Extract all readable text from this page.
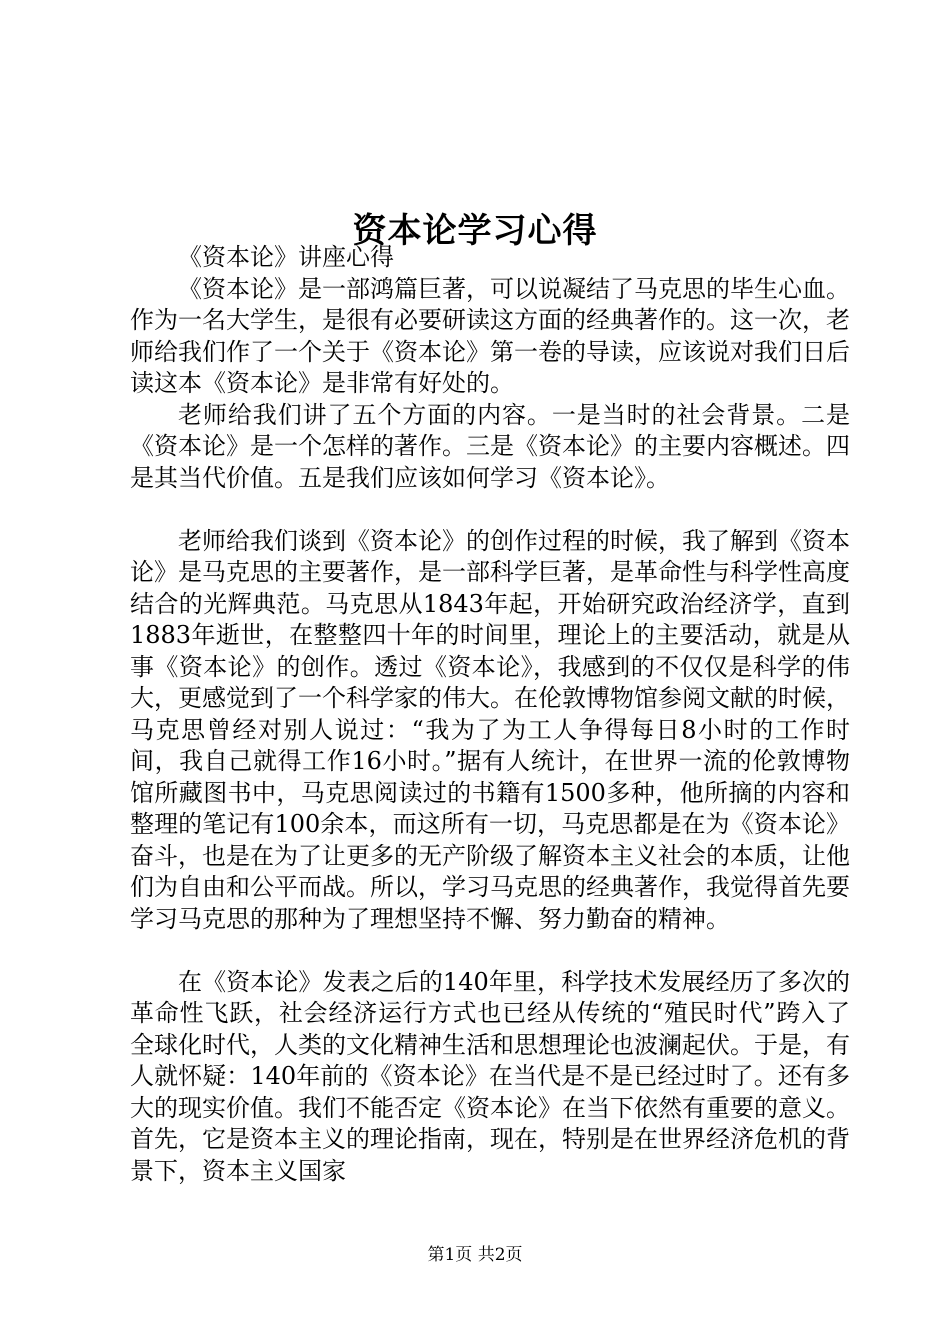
资本论学习心得

《资本论》讲座心得

《资本论》是一部鸿篇巨著，可以说凝结了马克思的毕生心血。作为一名大学生，是很有必要研读这方面的经典著作的。这一次，老师给我们作了一个关于《资本论》第一卷的导读，应该说对我们日后读这本《资本论》是非常有好处的。

老师给我们讲了五个方面的内容。一是当时的社会背景。二是《资本论》是一个怎样的著作。三是《资本论》的主要内容概述。四是其当代价值。五是我们应该如何学习《资本论》。

老师给我们谈到《资本论》的创作过程的时候，我了解到《资本论》是马克思的主要著作，是一部科学巨著，是革命性与科学性高度结合的光辉典范。马克思从1843年起，开始研究政治经济学，直到1883年逝世，在整整四十年的时间里，理论上的主要活动，就是从事《资本论》的创作。透过《资本论》，我感到的不仅仅是科学的伟大，更感觉到了一个科学家的伟大。在伦敦博物馆参阅文献的时候，马克思曾经对别人说过：“我为了为工人争得每日8小时的工作时间，我自己就得工作16小时。”据有人统计，在世界一流的伦敦博物馆所藏图书中，马克思阅读过的书籍有1500多种，他所摘的内容和整理的笔记有100余本，而这所有一切，马克思都是在为《资本论》奋斗，也是在为了让更多的无产阶级了解资本主义社会的本质，让他们为自由和公平而战。所以，学习马克思的经典著作，我觉得首先要学习马克思的那种为了理想坚持不懈、努力勤奋的精神。

在《资本论》发表之后的140年里，科学技术发展经历了多次的革命性飞跃，社会经济运行方式也已经从传统的“殖民时代”跨入了全球化时代，人类的文化精神生活和思想理论也波澜起伏。于是，有人就怀疑：140年前的《资本论》在当代是不是已经过时了。还有多大的现实价值。我们不能否定《资本论》在当下依然有重要的意义。首先，它是资本主义的理论指南，现在，特别是在世界经济危机的背景下，资本主义国家

第1页 共2页
